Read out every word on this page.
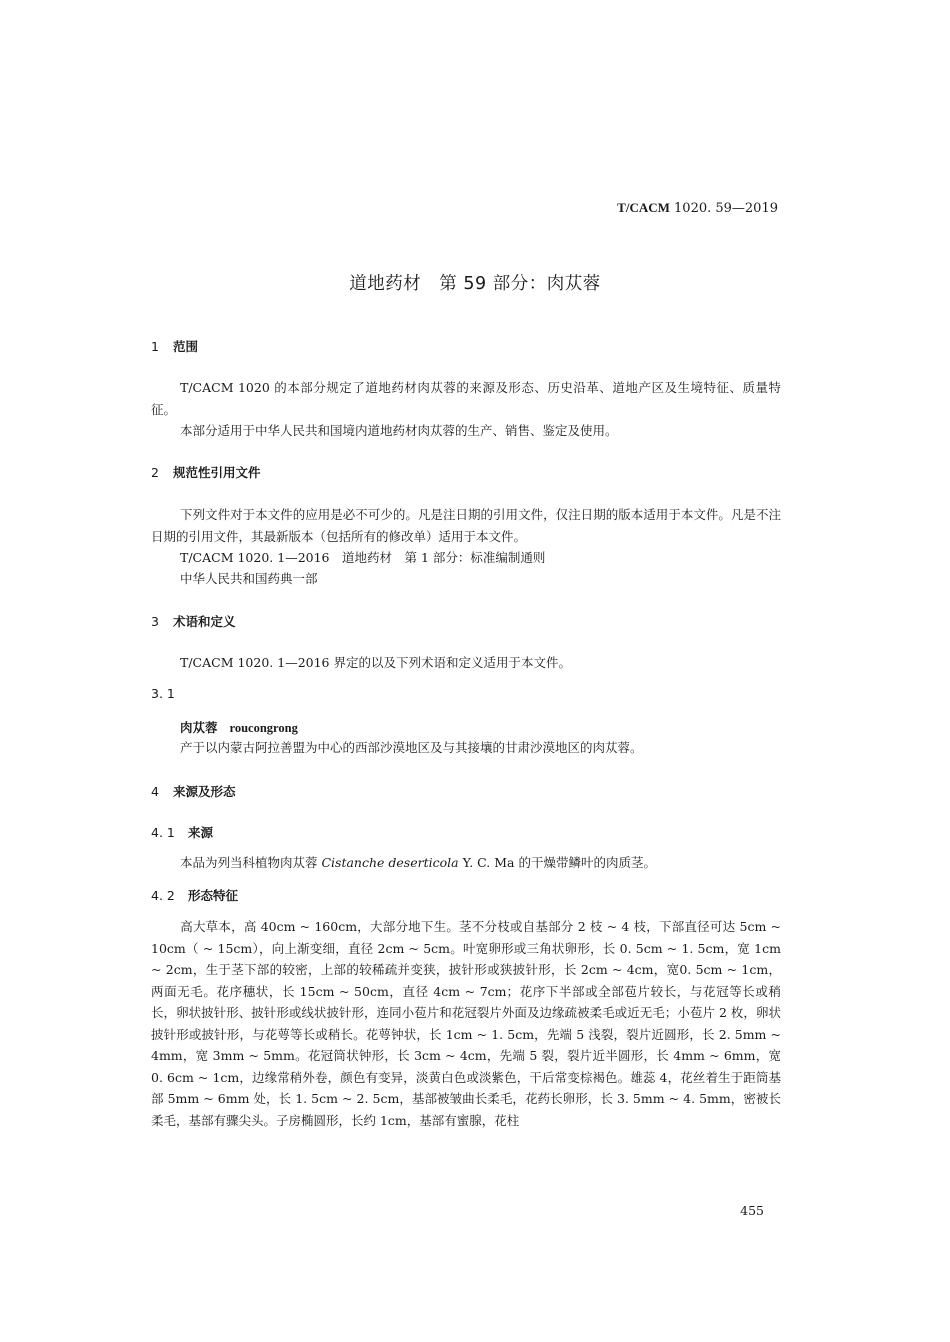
T/CACM 1020. 59—2019
道地药材　第 59 部分：肉苁蓉
1 范围
T/CACM 1020 的本部分规定了道地药材肉苁蓉的来源及形态、历史沿革、道地产区及生境特征、质量特征。
本部分适用于中华人民共和国境内道地药材肉苁蓉的生产、销售、鉴定及使用。
2 规范性引用文件
下列文件对于本文件的应用是必不可少的。凡是注日期的引用文件，仅注日期的版本适用于本文件。凡是不注日期的引用文件，其最新版本（包括所有的修改单）适用于本文件。
T/CACM 1020. 1—2016　道地药材　第 1 部分：标准编制通则
中华人民共和国药典一部
3 术语和定义
T/CACM 1020. 1—2016 界定的以及下列术语和定义适用于本文件。
3. 1
肉苁蓉 roucongrong
产于以内蒙古阿拉善盟为中心的西部沙漠地区及与其接壤的甘肃沙漠地区的肉苁蓉。
4 来源及形态
4. 1 来源
本品为列当科植物肉苁蓉 Cistanche deserticola Y. C. Ma 的干燥带鳞叶的肉质茎。
4. 2 形态特征
高大草本，高 40cm ~ 160cm，大部分地下生。茎不分枝或自基部分 2 枝 ~ 4 枝，下部直径可达 5cm ~ 10cm（ ~ 15cm），向上渐变细，直径 2cm ~ 5cm。叶宽卵形或三角状卵形，长 0. 5cm ~ 1. 5cm，宽 1cm ~ 2cm，生于茎下部的较密，上部的较稀疏并变狭，披针形或狭披针形，长 2cm ~ 4cm，宽0. 5cm ~ 1cm，两面无毛。花序穗状，长 15cm ~ 50cm，直径 4cm ~ 7cm；花序下半部或全部苞片较长，与花冠等长或稍长，卵状披针形、披针形或线状披针形，连同小苞片和花冠裂片外面及边缘疏被柔毛或近无毛；小苞片 2 枚，卵状披针形或披针形，与花萼等长或稍长。花萼钟状，长 1cm ~ 1. 5cm，先端 5 浅裂，裂片近圆形，长 2. 5mm ~ 4mm，宽 3mm ~ 5mm。花冠筒状钟形，长 3cm ~ 4cm，先端 5 裂，裂片近半圆形，长 4mm ~ 6mm，宽 0. 6cm ~ 1cm，边缘常稍外卷，颜色有变异，淡黄白色或淡紫色，干后常变棕褐色。雄蕊 4，花丝着生于距筒基部 5mm ~ 6mm 处，长 1. 5cm ~ 2. 5cm，基部被皱曲长柔毛，花药长卵形，长 3. 5mm ~ 4. 5mm，密被长柔毛，基部有骤尖头。子房椭圆形，长约 1cm，基部有蜜腺，花柱
455
